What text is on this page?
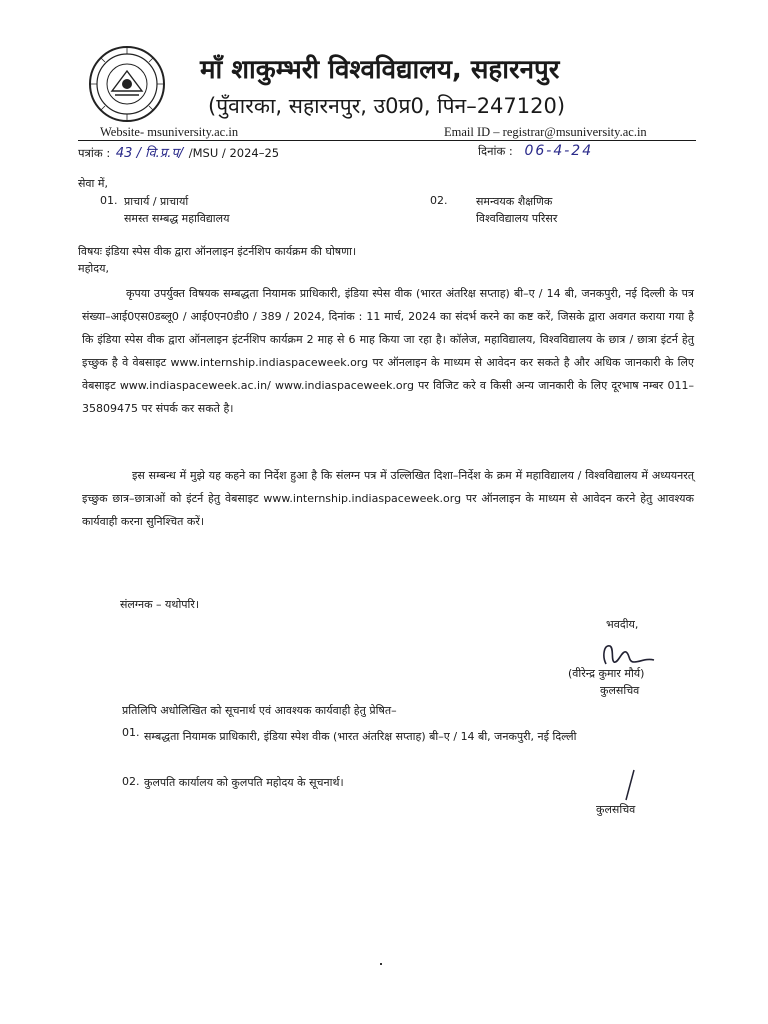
माँ शाकुम्भरी विश्वविद्यालय, सहारनपुर
(पुँवारका, सहारनपुर, उ0प्र0, पिन–247120)
Website- msuniversity.ac.in	Email ID – registrar@msuniversity.ac.in
पत्रांक : 43 / वि.प्र.प/ /MSU / 2024–25	दिनांक : 06-4-24
सेवा में,
01. प्राचार्य / प्राचार्या
समस्त सम्बद्ध महाविद्यालय
02.	समन्वयक शैक्षणिक
विश्वविद्यालय परिसर
विषयः इंडिया स्पेस वीक द्वारा ऑनलाइन इंटर्नशिप कार्यक्रम की घोषणा।
महोदय,
कृपया उपर्युक्त विषयक सम्बद्धता नियामक प्राधिकारी, इंडिया स्पेस वीक (भारत अंतरिक्ष सप्ताह) बी–ए / 14 बी, जनकपुरी, नई दिल्ली के पत्र संख्या–आई0एस0डब्लू0 / आई0एन0डी0 / 389 / 2024, दिनांक : 11 मार्च, 2024 का संदर्भ करने का कष्ट करें, जिसके द्वारा अवगत कराया गया है कि इंडिया स्पेस वीक द्वारा ऑनलाइन इंटर्नशिप कार्यक्रम 2 माह से 6 माह किया जा रहा है। कॉलेज, महाविद्यालय, विश्वविद्यालय के छात्र / छात्रा इंटर्न हेतु इच्छुक है वे वेबसाइट www.internship.indiaspaceweek.org पर ऑनलाइन के माध्यम से आवेदन कर सकते है और अधिक जानकारी के लिए वेबसाइट www.indiaspaceweek.ac.in/ www.indiaspaceweek.org पर विजिट करे व किसी अन्य जानकारी के लिए दूरभाष नम्बर 011–35809475 पर संपर्क कर सकते है।
इस सम्बन्ध में मुझे यह कहने का निर्देश हुआ है कि संलग्न पत्र में उल्लिखित दिशा–निर्देश के क्रम में महाविद्यालय / विश्वविद्यालय में अध्ययनरत् इच्छुक छात्र–छात्राओं को इंटर्न हेतु वेबसाइट www.internship.indiaspaceweek.org पर ऑनलाइन के माध्यम से आवेदन करने हेतु आवश्यक कार्यवाही करना सुनिश्चित करें।
संलग्नक – यथोपरि।
भवदीय,
(वीरेन्द्र कुमार मौर्य)
कुलसचिव
प्रतिलिपि अधोलिखित को सूचनार्थ एवं आवश्यक कार्यवाही हेतु प्रेषित–
01. सम्बद्धता नियामक प्राधिकारी, इंडिया स्पेश वीक (भारत अंतरिक्ष सप्ताह) बी–ए / 14 बी, जनकपुरी, नई दिल्ली
02. कुलपति कार्यालय को कुलपति महोदय के सूचनार्थ।
कुलसचिव
